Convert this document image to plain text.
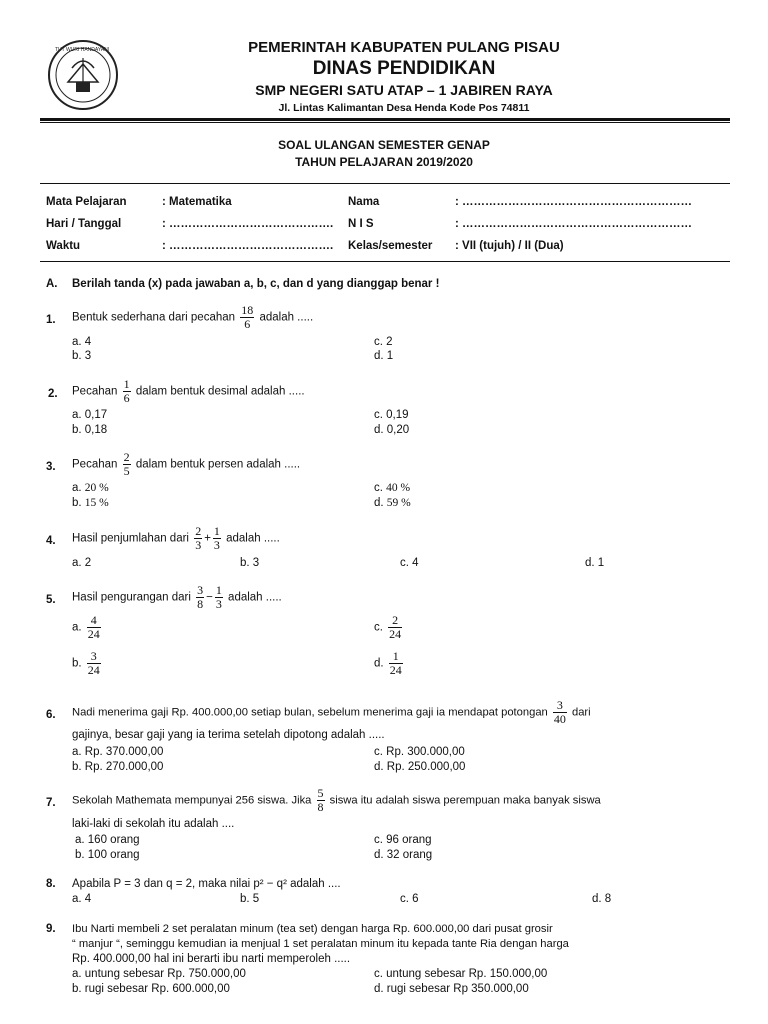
TUT WURI HANDAYANI	PEMERINTAH KABUPATEN PULANG PISAU
DINAS PENDIDIKAN
SMP NEGERI SATU ATAP – 1 JABIREN RAYA
Jl. Lintas Kalimantan Desa Henda Kode Pos 74811
SOAL ULANGAN SEMESTER GENAP
TAHUN PELAJARAN 2019/2020
Mata Pelajaran	: Matematika
Hari / Tanggal	: …………………………………….
Waktu	: …………………………………….
Nama	: ……………………………………………………
N I S	: ……………………………………………………
Kelas/semester : VII (tujuh) / II (Dua)
A. Berilah tanda (x) pada jawaban a, b, c, dan d yang dianggap benar !
1. Bentuk sederhana dari pecahan $\frac{18}{6}$ adalah .....
a. 4
b. 3
c. 2
d. 1
2. Pecahan $\frac{1}{6}$ dalam bentuk desimal adalah .....
a. 0,17
b. 0,18
c. 0,19
d. 0,20
3. Pecahan $\frac{2}{5}$ dalam bentuk persen adalah .....
a. 20 %
b. 15 %
c. 40 %
d. 59 %
4. Hasil penjumlahan dari $\frac{2}{3} + \frac{1}{3}$ adalah .....
a. 2	b. 3	c. 4	d. 1
5. Hasil pengurangan dari $\frac{3}{8} - \frac{1}{3}$ adalah .....
a. $\frac{4}{24}$
b. $\frac{3}{24}$
c. $\frac{2}{24}$
d. $\frac{1}{24}$
6. Nadi menerima gaji Rp. 400.000,00 setiap bulan, sebelum menerima gaji ia mendapat potongan $\frac{3}{40}$ dari
gajinya, besar gaji yang ia terima setelah dipotong adalah .....
a. Rp. 370.000,00
b. Rp. 270.000,00
c. Rp. 300.000,00
d. Rp. 250.000,00
7. Sekolah Mathemata mempunyai 256 siswa. Jika $\frac{5}{8}$ siswa itu adalah siswa perempuan maka banyak siswa
laki-laki di sekolah itu adalah ....
a. 160 orang
b. 100 orang
c. 96 orang
d. 32 orang
8. Apabila P = 3 dan q = 2, maka nilai p² − q² adalah ....
a. 4	b. 5	c. 6	d. 8
9. Ibu Narti membeli 2 set peralatan minum (tea set) dengan harga Rp. 600.000,00 dari pusat grosir
“ manjur “, seminggu kemudian ia menjual 1 set peralatan minum itu kepada tante Ria dengan harga
Rp. 400.000,00 hal ini berarti ibu narti memperoleh .....
a. untung sebesar Rp. 750.000,00
b. rugi sebesar Rp. 600.000,00
c. untung sebesar Rp. 150.000,00
d. rugi sebesar Rp 350.000,00
